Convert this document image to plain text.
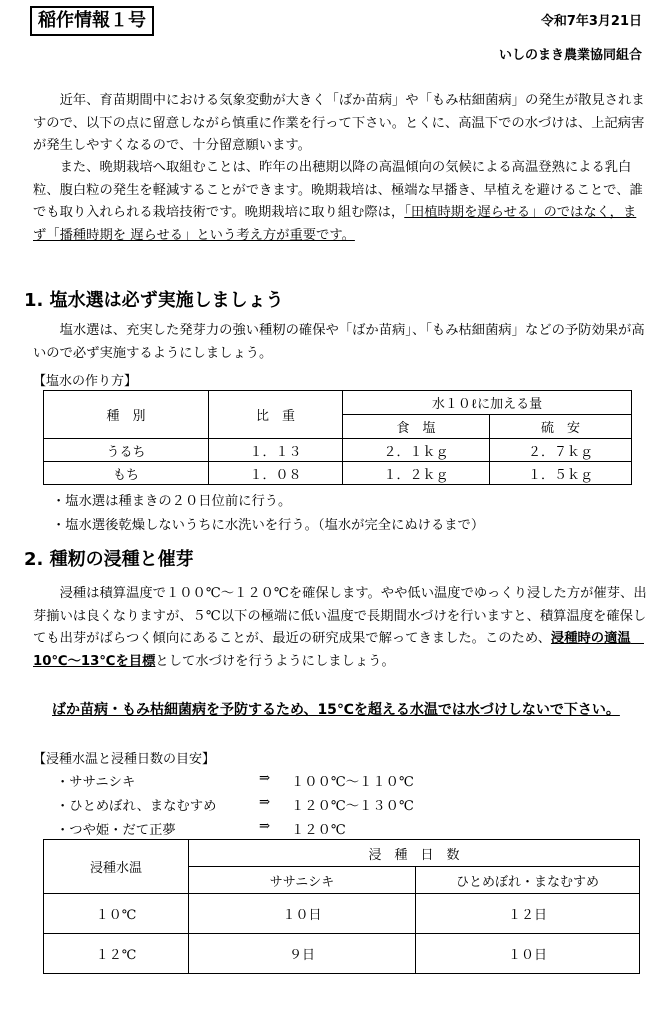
稲作情報１号	令和7年3月21日
いしのまき農業協同組合
近年、育苗期間中における気象変動が大きく「ばか苗病」や「もみ枯細菌病」の発生が散見されますので、以下の点に留意しながら慎重に作業を行って下さい。とくに、高温下での水づけは、上記病害が発生しやすくなるので、十分留意願います。
また、晩期栽培へ取組むことは、昨年の出穂期以降の高温傾向の気候による高温登熟による乳白粒、腹白粒の発生を軽減することができます。晩期栽培は、極端な早播き、早植えを避けることで、誰でも取り入れられる栽培技術です。晩期栽培に取り組む際は，「田植時期を遅らせる」のではなく，まず「播種時期を 遅らせる」という考え方が重要です。
1. 塩水選は必ず実施しましょう
塩水選は、充実した発芽力の強い種籾の確保や「ばか苗病」、「もみ枯細菌病」などの予防効果が高いので必ず実施するようにしましょう。
【塩水の作り方】
種　別	比　重	水１０ℓに加える量	
		食　塩	硫　安
うるち	１．１３	２．１ｋｇ	２．７ｋｇ
もち	１．０８	１．２ｋｇ	１．５ｋｇ
・塩水選は種まきの２０日位前に行う。
・塩水選後乾燥しないうちに水洗いを行う。（塩水が完全にぬけるまで）
2. 種籾の浸種と催芽
浸種は積算温度で１００℃～１２０℃を確保します。やや低い温度でゆっくり浸した方が催芽、出芽揃いは良くなりますが、５℃以下の極端に低い温度で長期間水づけを行いますと、積算温度を確保しても出芽がばらつく傾向にあることが、最近の研究成果で解ってきました。このため、浸種時の適温　10℃～13℃を目標として水づけを行うようにしましょう。
ばか苗病・もみ枯細菌病を予防するため、15℃を超える水温では水づけしないで下さい。
【浸種水温と浸種日数の目安】
・ササニシキ	⇒ １００℃～１１０℃
・ひとめぼれ、まなむすめ	⇒ １２０℃～１３０℃
・つや姫・だて正夢	⇒ １２０℃
浸種水温	浸　種　日　数	
	ササニシキ	ひとめぼれ・まなむすめ
１０℃	１０日	１２日
１２℃	９日	１０日
